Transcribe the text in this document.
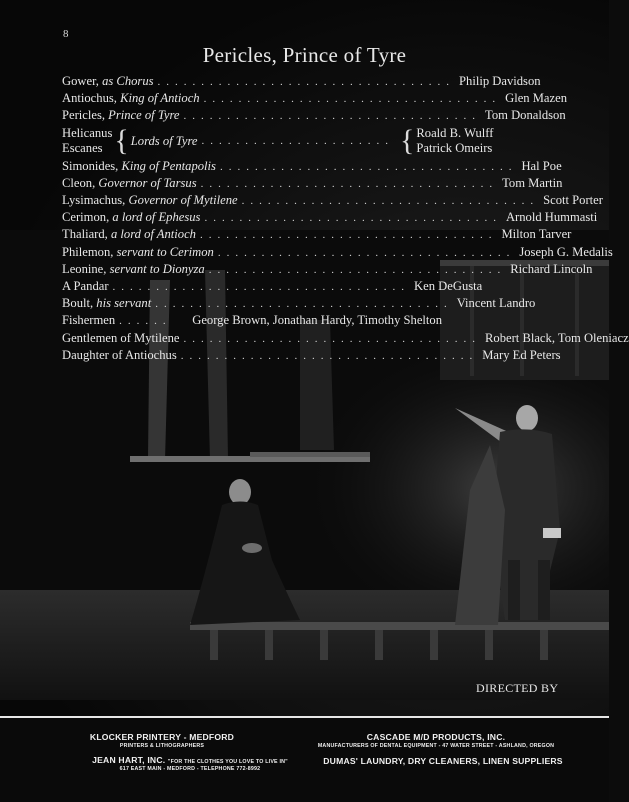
8
Pericles, Prince of Tyre
Gower, as Chorus .................................. Philip Davidson
Antiochus, King of Antioch .................................. Glen Mazen
Pericles, Prince of Tyre .................................. Tom Donaldson
Helicanus
Escanes { Lords of Tyre ...................... { Roald B. Wulff
Patrick Omeirs
Simonides, King of Pentapolis .................................. Hal Poe
Cleon, Governor of Tarsus .................................. Tom Martin
Lysimachus, Governor of Mytilene .................................. Scott Porter
Cerimon, a lord of Ephesus .................................. Arnold Hummasti
Thaliard, a lord of Antioch .................................. Milton Tarver
Philemon, servant to Cerimon .................................. Joseph G. Medalis
Leonine, servant to Dionyza .................................. Richard Lincoln
A Pandar .................................. Ken DeGusta
Boult, his servant .................................. Vincent Landro
Fishermen ......	George Brown, Jonathan Hardy, Timothy Shelton
Gentlemen of Mytilene .................................. Robert Black, Tom Oleniacz
Daughter of Antiochus .................................. Mary Ed Peters
DIRECTED BY
KLOCKER PRINTERY - MEDFORD
PRINTERS & LITHOGRAPHERS
CASCADE M/D PRODUCTS, INC.
MANUFACTURERS OF DENTAL EQUIPMENT - 47 WATER STREET - ASHLAND, OREGON
JEAN HART, INC. "FOR THE CLOTHES YOU LOVE TO LIVE IN"
617 EAST MAIN - MEDFORD - TELEPHONE 772-8992
DUMAS' LAUNDRY, DRY CLEANERS, LINEN SUPPLIERS
